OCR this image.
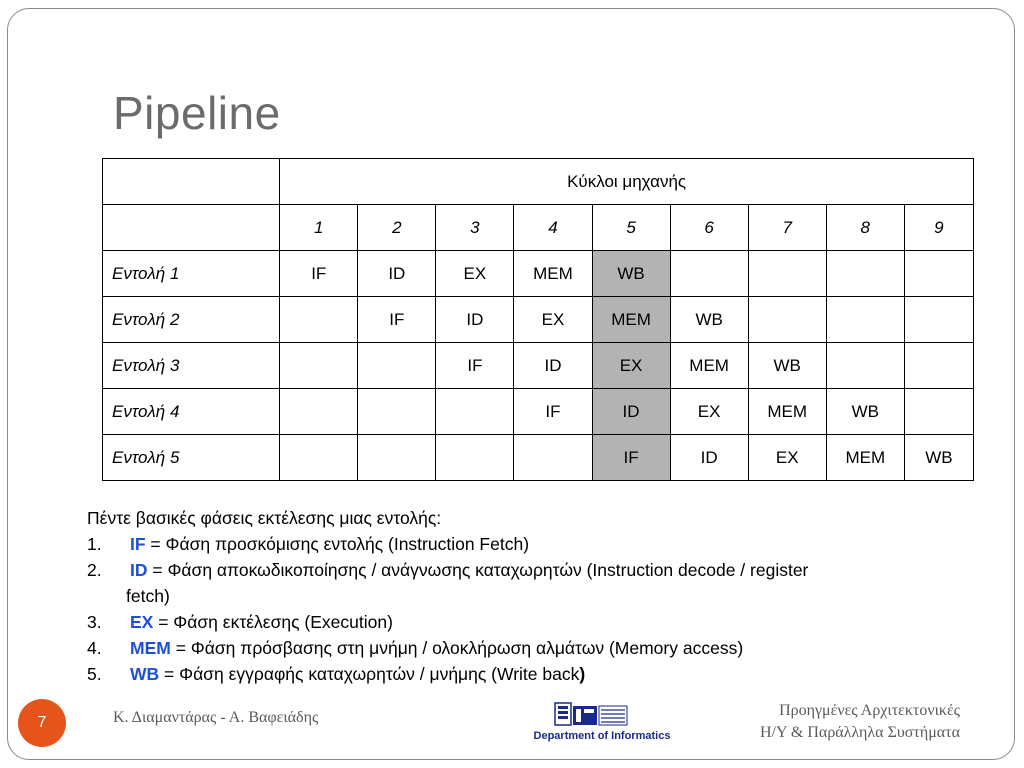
Pipeline
	Κύκλοι μηχανής								
	1	2	3	4	5	6	7	8	9
Εντολή 1	IF	ID	EX	MEM	WB				
Εντολή 2		IF	ID	EX	MEM	WB			
Εντολή 3			IF	ID	EX	MEM	WB		
Εντολή 4				IF	ID	EX	MEM	WB	
Εντολή 5					IF	ID	EX	MEM	WB
Πέντε βασικές φάσεις εκτέλεσης μιας εντολής:
1. IF = Φάση προσκόμισης εντολής (Instruction Fetch)
2. ID = Φάση αποκωδικοποίησης / ανάγνωσης καταχωρητών (Instruction decode / register
fetch)
3. EX = Φάση εκτέλεσης (Execution)
4. MEM = Φάση πρόσβασης στη μνήμη / ολοκλήρωση αλμάτων (Memory access)
5. WB = Φάση εγγραφής καταχωρητών / μνήμης (Write back)
7	Κ. Διαμαντάρας - Α. Βαφειάδης
Department of Informatics
Προηγμένες Αρχιτεκτονικές
Η/Υ & Παράλληλα Συστήματα
